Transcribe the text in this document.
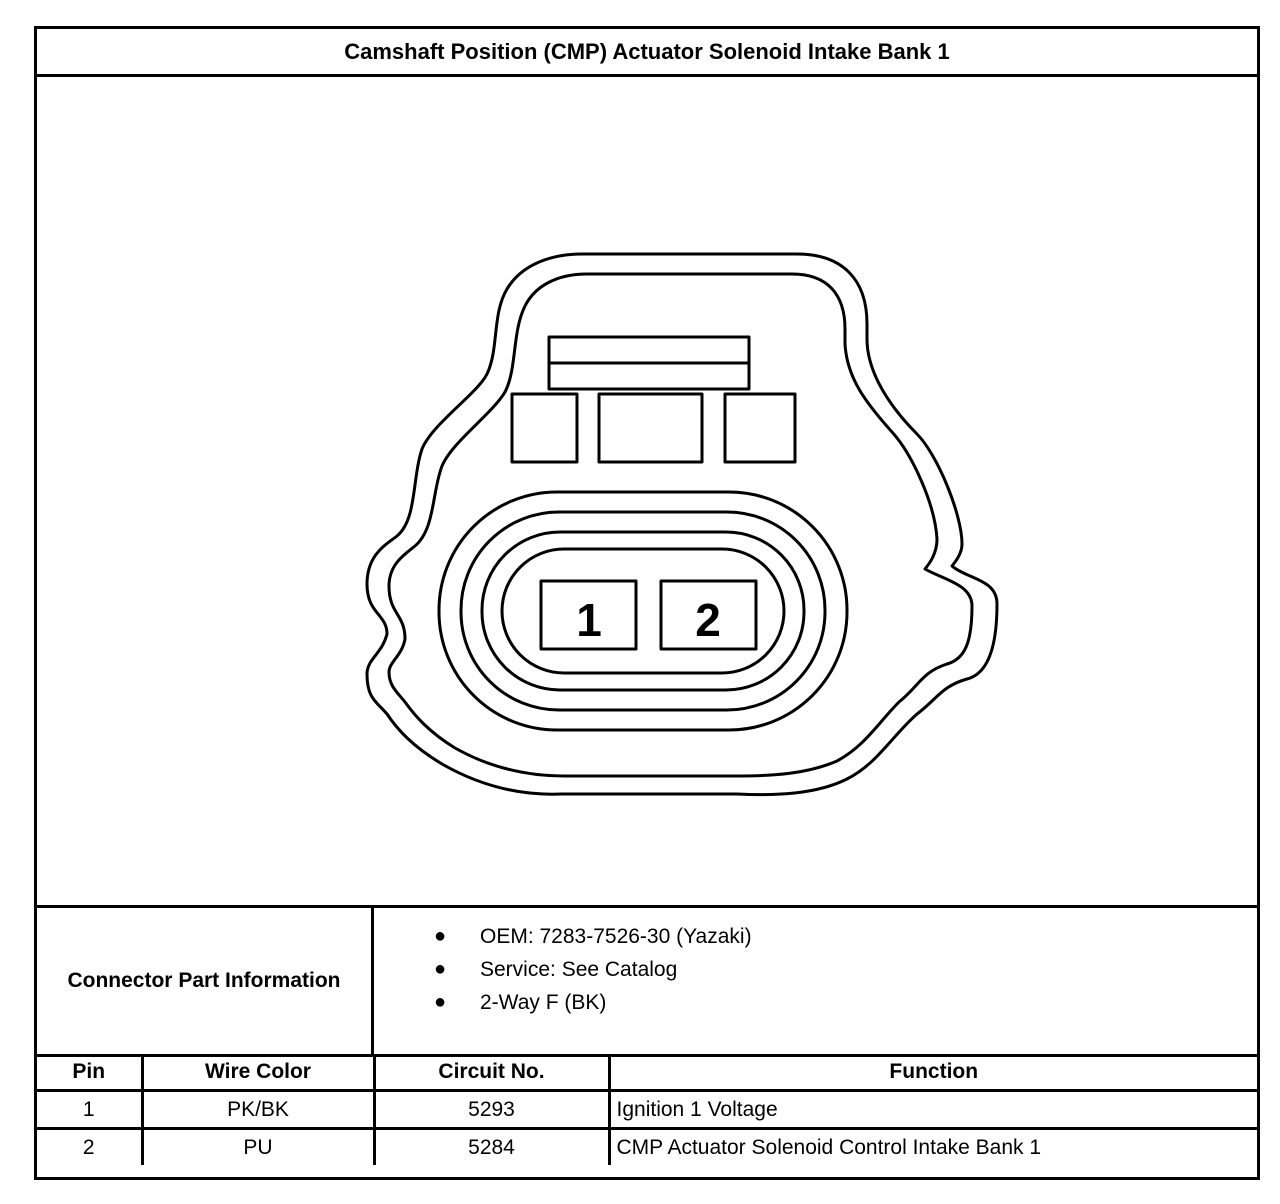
Camshaft Position (CMP) Actuator Solenoid Intake Bank 1
1 2
Connector Part Information
● OEM: 7283-7526-30 (Yazaki)
● Service: See Catalog
● 2-Way F (BK)
Pin	Wire Color	Circuit No.	Function
1	PK/BK	5293	Ignition 1 Voltage
2	PU	5284	CMP Actuator Solenoid Control Intake Bank 1
